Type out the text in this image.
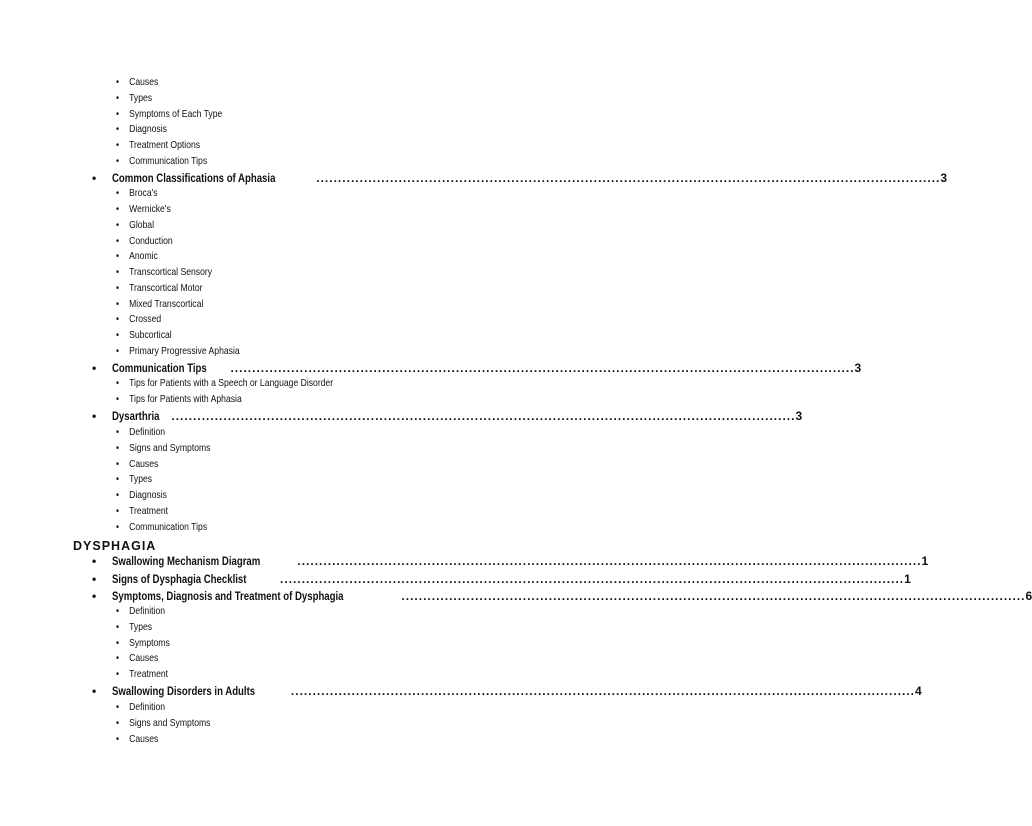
• Causes
• Types
• Symptoms of Each Type
• Diagnosis
• Treatment Options
• Communication Tips
• Common Classifications of Aphasia	................................................................................................................................................ 3
• Broca's
• Wernicke's
• Global
• Conduction
• Anomic
• Transcortical Sensory
• Transcortical Motor
• Mixed Transcortical
• Crossed
• Subcortical
• Primary Progressive Aphasia
• Communication Tips ................................................................................................................................................ 3
• Tips for Patients with a Speech or Language Disorder
• Tips for Patients with Aphasia
• Dysarthria ................................................................................................................................................ 3
• Definition
• Signs and Symptoms
• Causes
• Types
• Diagnosis
• Treatment
• Communication Tips
DYSPHAGIA
• Swallowing Mechanism Diagram	................................................................................................................................................ 1
• Signs of Dysphagia Checklist	................................................................................................................................................ 1
• Symptoms, Diagnosis and Treatment of Dysphagia	................................................................................................................................................ 6
• Definition
• Types
• Symptoms
• Causes
• Treatment
• Swallowing Disorders in Adults	................................................................................................................................................ 4
• Definition
• Signs and Symptoms
• Causes
